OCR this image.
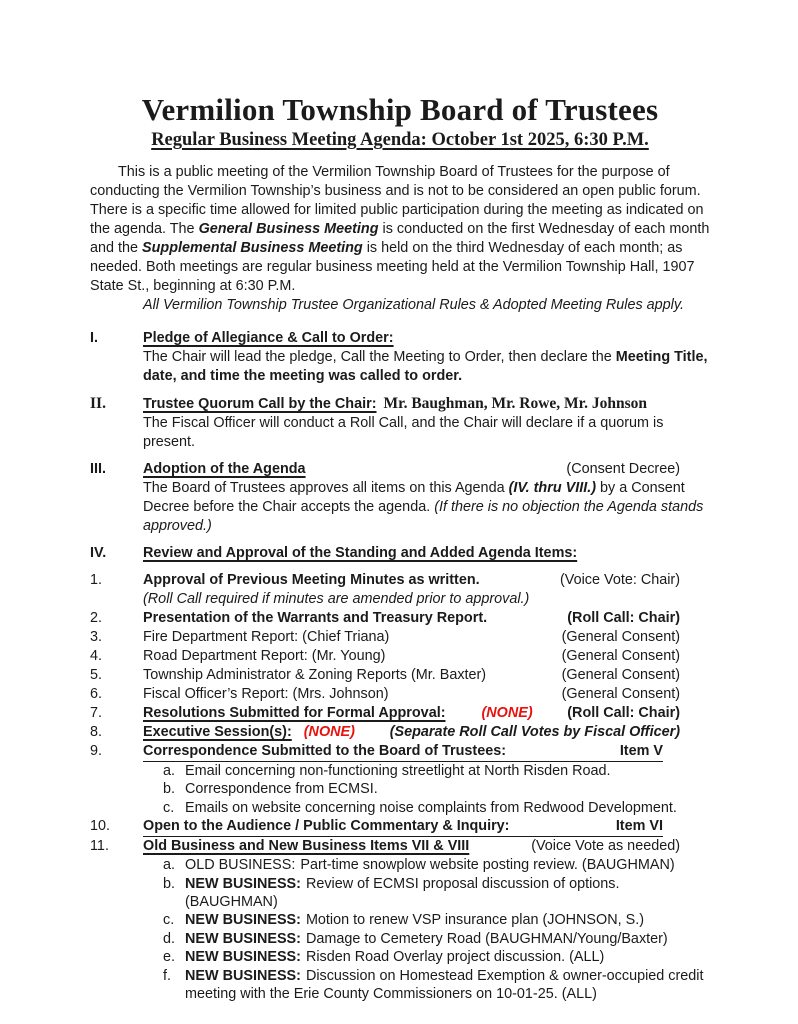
Vermilion Township Board of Trustees
Regular Business Meeting Agenda: October 1st 2025, 6:30 P.M.

This is a public meeting of the Vermilion Township Board of Trustees for the purpose of conducting the Vermilion Township’s business and is not to be considered an open public forum. There is a specific time allowed for limited public participation during the meeting as indicated on the agenda. The General Business Meeting is conducted on the first Wednesday of each month and the Supplemental Business Meeting is held on the third Wednesday of each month; as needed. Both meetings are regular business meeting held at the Vermilion Township Hall, 1907 State St., beginning at 6:30 P.M.

All Vermilion Township Trustee Organizational Rules & Adopted Meeting Rules apply.

I.	Pledge of Allegiance & Call to Order:
The Chair will lead the pledge, Call the Meeting to Order, then declare the Meeting Title, date, and time the meeting was called to order.
II.	Trustee Quorum Call by the Chair: Mr. Baughman, Mr. Rowe, Mr. Johnson
The Fiscal Officer will conduct a Roll Call, and the Chair will declare if a quorum is present.
III.	Adoption of the Agenda	(Consent Decree)
The Board of Trustees approves all items on this Agenda (IV. thru VIII.) by a Consent Decree before the Chair accepts the agenda. (If there is no objection the Agenda stands approved.)
IV.	Review and Approval of the Standing and Added Agenda Items:
1.	Approval of Previous Meeting Minutes as written.	(Voice Vote: Chair)
(Roll Call required if minutes are amended prior to approval.)
2.	Presentation of the Warrants and Treasury Report.	(Roll Call: Chair)
3.	Fire Department Report: (Chief Triana)	(General Consent)
4.	Road Department Report: (Mr. Young)	(General Consent)
5.	Township Administrator & Zoning Reports (Mr. Baxter)	(General Consent)
6.	Fiscal Officer’s Report: (Mrs. Johnson)	(General Consent)
7.	Resolutions Submitted for Formal Approval:	(NONE)	(Roll Call: Chair)
8.	Executive Session(s): (NONE)	(Separate Roll Call Votes by Fiscal Officer)
9.	Correspondence Submitted to the Board of Trustees:	Item V
a. Email concerning non-functioning streetlight at North Risden Road.
b. Correspondence from ECMSI.
c. Emails on website concerning noise complaints from Redwood Development.
10.	Open to the Audience / Public Commentary & Inquiry:	Item VI
11.	Old Business and New Business Items VII & VIII	(Voice Vote as needed)
a. OLD BUSINESS: Part-time snowplow website posting review. (BAUGHMAN)
b. NEW BUSINESS: Review of ECMSI proposal discussion of options. (BAUGHMAN)
c. NEW BUSINESS: Motion to renew VSP insurance plan (JOHNSON, S.)
d. NEW BUSINESS: Damage to Cemetery Road (BAUGHMAN/Young/Baxter)
e. NEW BUSINESS: Risden Road Overlay project discussion. (ALL)
f. NEW BUSINESS: Discussion on Homestead Exemption & owner-occupied credit meeting with the Erie County Commissioners on 10-01-25. (ALL)
